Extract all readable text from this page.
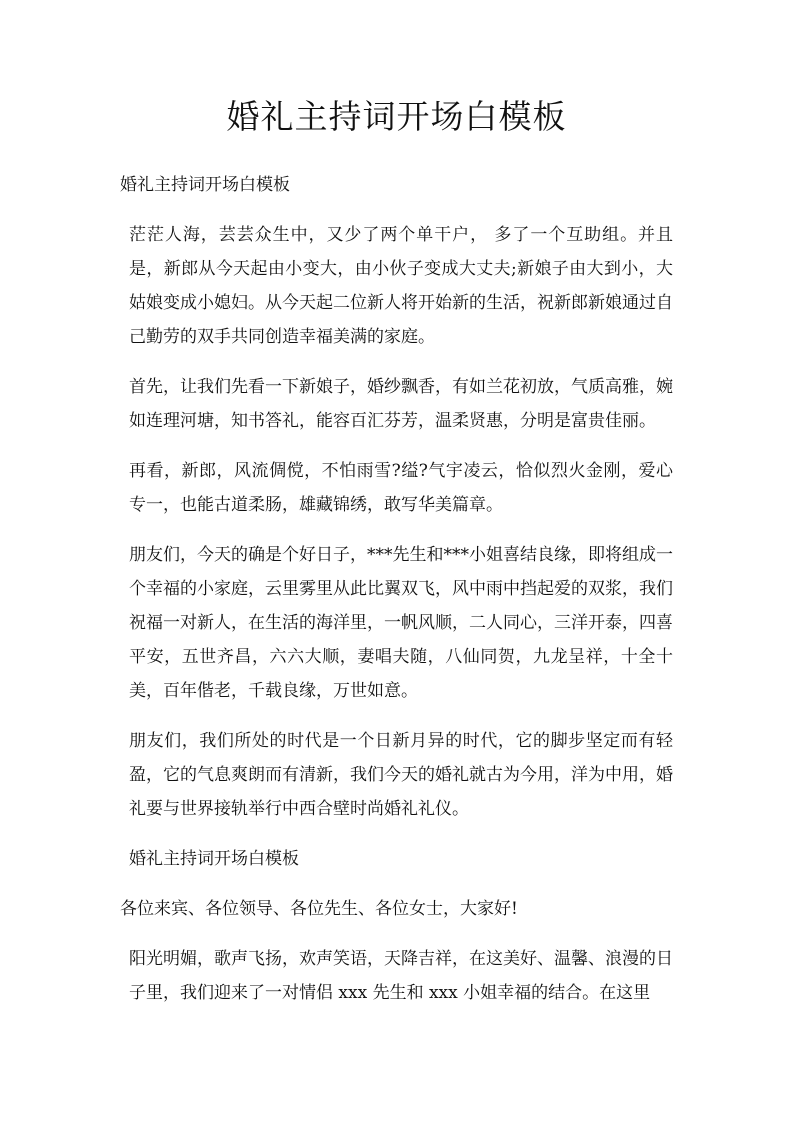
婚礼主持词开场白模板

婚礼主持词开场白模板

茫茫人海，芸芸众生中，又少了两个单干户， 多了一个互助组。并且是，新郎从今天起由小变大，由小伙子变成大丈夫;新娘子由大到小，大姑娘变成小媳妇。从今天起二位新人将开始新的生活，祝新郎新娘通过自己勤劳的双手共同创造幸福美满的家庭。

首先，让我们先看一下新娘子，婚纱飘香，有如兰花初放，气质高雅，婉如连理河塘，知书答礼，能容百汇芬芳，温柔贤惠，分明是富贵佳丽。

再看，新郎，风流倜傥，不怕雨雪?缢?气宇凌云，恰似烈火金刚，爱心专一，也能古道柔肠，雄藏锦绣，敢写华美篇章。

朋友们，今天的确是个好日子，***先生和***小姐喜结良缘，即将组成一个幸福的小家庭，云里雾里从此比翼双飞，风中雨中挡起爱的双浆，我们祝福一对新人，在生活的海洋里，一帆风顺，二人同心，三洋开泰，四喜平安，五世齐昌，六六大顺，妻唱夫随，八仙同贺，九龙呈祥，十全十美，百年偕老，千载良缘，万世如意。

朋友们，我们所处的时代是一个日新月异的时代，它的脚步坚定而有轻盈，它的气息爽朗而有清新，我们今天的婚礼就古为今用，洋为中用，婚礼要与世界接轨举行中西合壁时尚婚礼礼仪。

婚礼主持词开场白模板

各位来宾、各位领导、各位先生、各位女士，大家好!

阳光明媚，歌声飞扬，欢声笑语，天降吉祥，在这美好、温馨、浪漫的日子里，我们迎来了一对情侣 xxx 先生和 xxx 小姐幸福的结合。在这里
